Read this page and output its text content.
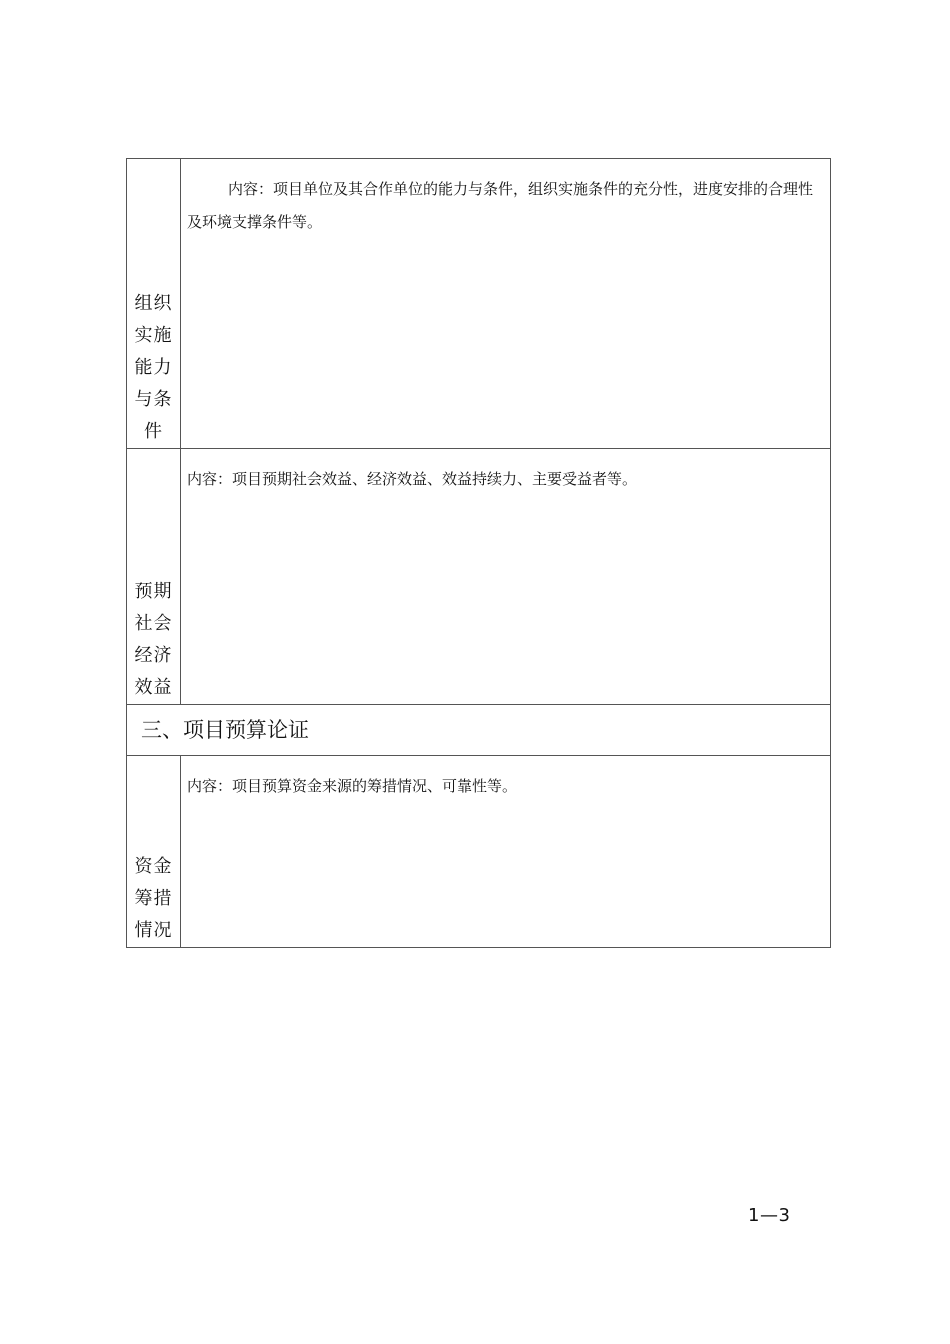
组织实施能力与条件	内容：项目单位及其合作单位的能力与条件，组织实施条件的充分性，进度安排的合理性及环境支撑条件等。

预期社会经济效益	内容：项目预期社会效益、经济效益、效益持续力、主要受益者等。

三、项目预算论证	

资金筹措情况	内容：项目预算资金来源的筹措情况、可靠性等。

1—3
